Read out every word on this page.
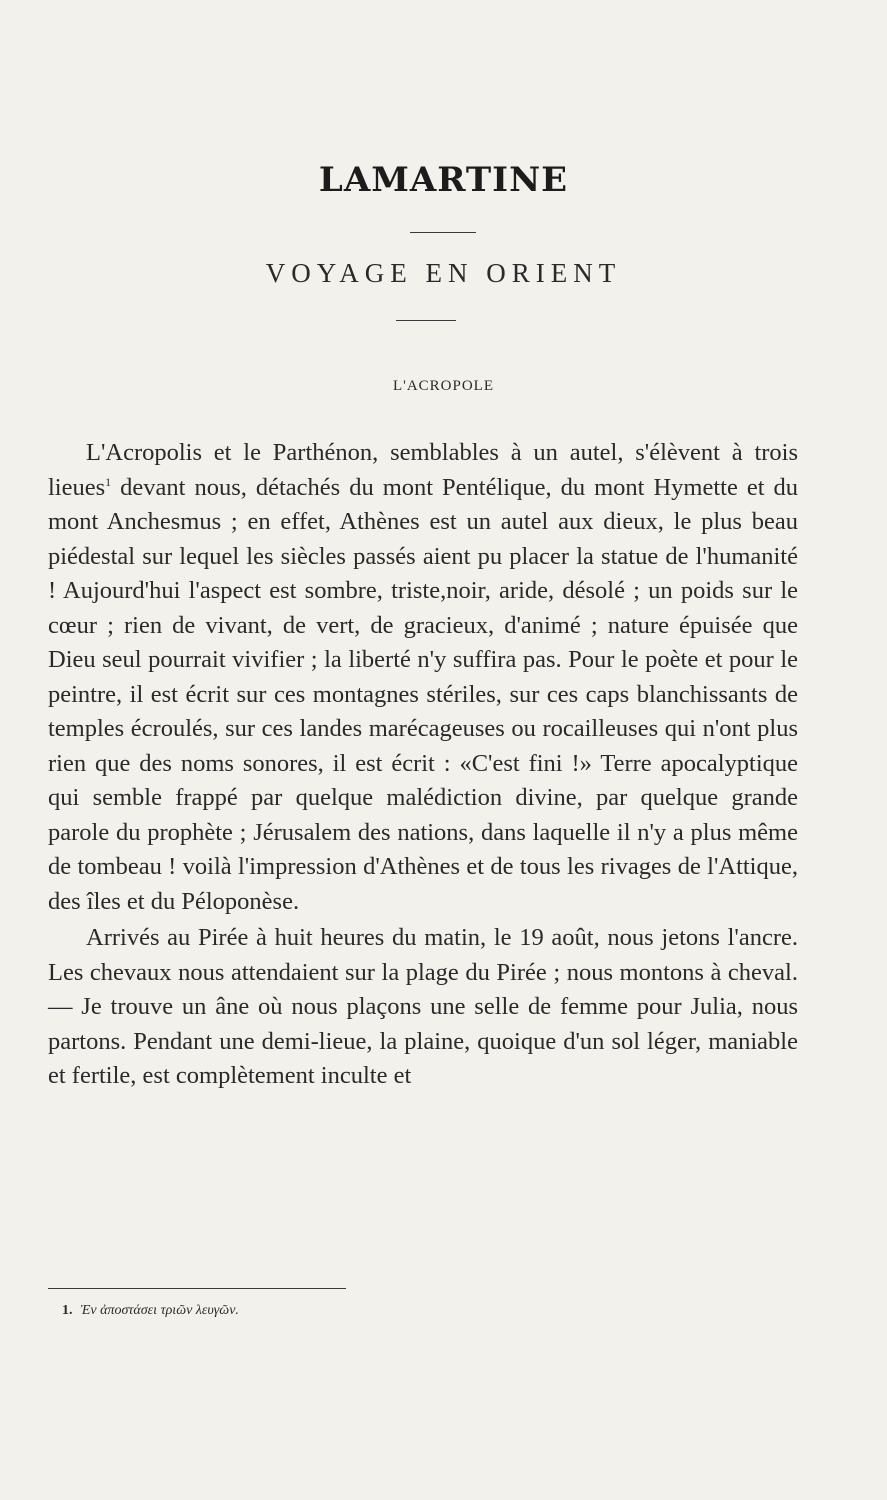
LAMARTINE
VOYAGE EN ORIENT
L'ACROPOLE

L'Acropolis et le Parthénon, semblables à un autel, s'élèvent à trois lieues$^1$ devant nous, détachés du mont Pentélique, du mont Hymette et du mont Anchesmus ; en effet, Athènes est un autel aux dieux, le plus beau piédestal sur lequel les siècles passés aient pu placer la statue de l'humanité ! Aujourd'hui l'aspect est sombre, triste,noir, aride, désolé ; un poids sur le cœur ; rien de vivant, de vert, de gracieux, d'animé ; nature épuisée que Dieu seul pourrait vivifier ; la liberté n'y suffira pas. Pour le poète et pour le peintre, il est écrit sur ces montagnes stériles, sur ces caps blanchissants de temples écroulés, sur ces landes marécageuses ou rocailleuses qui n'ont plus rien que des noms sonores, il est écrit : «C'est fini !» Terre apocalyptique qui semble frappé par quelque malédiction divine, par quelque grande parole du prophète ; Jérusalem des nations, dans laquelle il n'y a plus même de tombeau ! voilà l'impression d'Athènes et de tous les rivages de l'Attique, des îles et du Péloponèse.

Arrivés au Pirée à huit heures du matin, le 19 août, nous jetons l'ancre. Les chevaux nous attendaient sur la plage du Pirée ; nous montons à cheval. — Je trouve un âne où nous plaçons une selle de femme pour Julia, nous partons. Pendant une demi-lieue, la plaine, quoique d'un sol léger, maniable et fertile, est complètement inculte et

1. Ἐν ἀποστάσει τριῶν λευγῶν.
